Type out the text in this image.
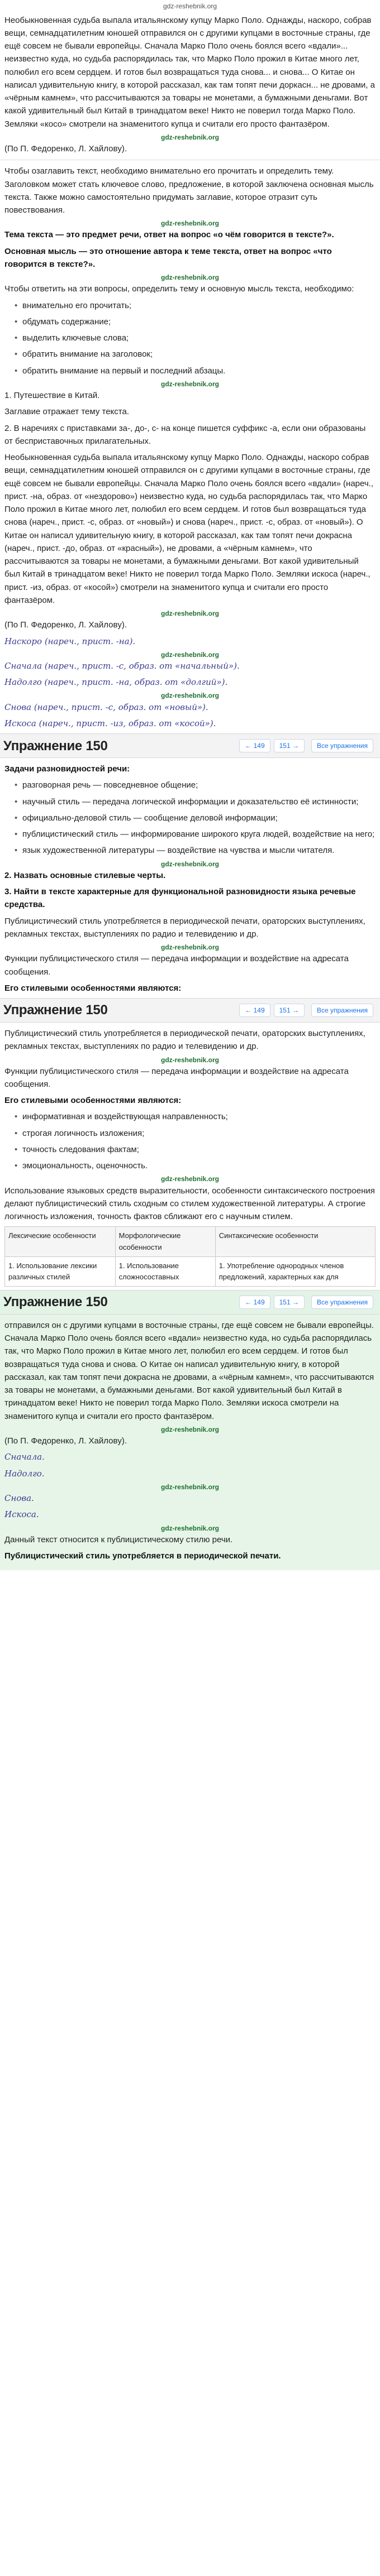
gdz-reshebnik.org

Необыкновенная судьба выпала итальянскому купцу Марко Поло. Однажды, наскоро, собрав вещи, семнадцатилетним юношей отправился он с другими купцами в восточные страны, где ещё совсем не бывали европейцы. Сначала Марко Поло очень боялся всего «вдали»... неизвестно куда, но судьба распорядилась так, что Марко Поло прожил в Китае много лет, полюбил его всем сердцем. И готов был возвращаться туда снова... и снова... О Китае он написал удивительную книгу, в которой рассказал, как там топят печи доркасн... не дровами, а «чёрным камнем», что рассчитываются за товары не монетами, а бумажными деньгами. Вот какой удивительный был Китай в тринадцатом веке! Никто не поверил тогда Марко Поло. Земляки «косо» смотрели на знаменитого купца и считали его просто фантазёром.

gdz-reshebnik.org

(По П. Федоренко, Л. Хайловy).

Чтобы озаглавить текст, необходимо внимательно его прочитать и определить тему. Заголовком может стать ключевое слово, предложение, в которой заключена основная мысль текста. Также можно самостоятельно придумать заглавие, которое отразит суть повествования.

gdz-reshebnik.org

Тема текста — это предмет речи, ответ на вопрос «о чём говорится в тексте?».

Основная мысль — это отношение автора к теме текста, ответ на вопрос «что говорится в тексте?».

gdz-reshebnik.org

Чтобы ответить на эти вопросы, определить тему и основную мысль текста, необходимо:

• внимательно его прочитать;
• обдумать содержание;
• выделить ключевые слова;
• обратить внимание на заголовок;
• обратить внимание на первый и последний абзацы.
gdz-reshebnik.org

1. Путешествие в Китай.

Заглавие отражает тему текста.

2. В наречиях с приставками за-, до-, с- на конце пишется суффикс -а, если они образованы от бесприставочных прилагательных.

Необыкновенная судьба выпала итальянскому купцу Марко Поло. Однажды, наскоро собрав вещи, семнадцатилетним юношей отправился он с другими купцами в восточные страны, где ещё совсем не бывали европейцы. Сначала Марко Поло очень боялся всего «вдали» (нареч., прист. -на, образ. от «нездорово») неизвестно куда, но судьба распорядилась так, что Марко Поло прожил в Китае много лет, полюбил его всем сердцем. И готов был возвращаться туда снова (нареч., прист. -с, образ. от «новый») и снова (нареч., прист. -с, образ. от «новый»). О Китае он написал удивительную книгу, в которой рассказал, как там топят печи докрасна (нареч., прист. -до, образ. от «красный»), не дровами, а «чёрным камнем», что рассчитываются за товары не монетами, а бумажными деньгами. Вот какой удивительный был Китай в тринадцатом веке! Никто не поверил тогда Марко Поло. Земляки искоса (нареч., прист. -из, образ. от «косой») смотрели на знаменитого купца и считали его просто фантазёром.

gdz-reshebnik.org

(По П. Федоренко, Л. Хайловy).

Наскоро (нареч., прист. -на).

gdz-reshebnik.org

Сначала (нареч., прист. -с, образ. от «начальный»).

Надолго (нареч., прист. -на, образ. от «долгий»).

gdz-reshebnik.org

Снова (нареч., прист. -с, образ. от «новый»).

Искоса (нареч., прист. -из, образ. от «косой»).

Упражнение 150	← 149	151 →	Все упражнения

Задачи разновидностей речи:

• разговорная речь — повседневное общение;
• научный стиль — передача логической информации и доказательство её истинности;
• официально-деловой стиль — сообщение деловой информации;
• публицистический стиль — информирование широкого круга людей, воздействие на него;
• язык художественной литературы — воздействие на чувства и мысли читателя.
gdz-reshebnik.org

2. Назвать основные стилевые черты.

3. Найти в тексте характерные для функциональной разновидности языка речевые средства.

Публицистический стиль употребляется в периодической печати, ораторских выступлениях, рекламных текстах, выступлениях по радио и телевидению и др.

gdz-reshebnik.org

Функции публицистического стиля — передача информации и воздействие на адресата сообщения.

Его стилевыми особенностями являются:

Упражнение 150	← 149	151 →	Все упражнения

Публицистический стиль употребляется в периодической печати, ораторских выступлениях, рекламных текстах, выступлениях по радио и телевидению и др.

gdz-reshebnik.org

Функции публицистического стиля — передача информации и воздействие на адресата сообщения.

Его стилевыми особенностями являются:

• информативная и воздействующая направленность;
• строгая логичность изложения;
• точность следования фактам;
• эмоциональность, оценочность.
gdz-reshebnik.org

Использование языковых средств выразительности, особенности синтаксического построения делают публицистический стиль сходным со стилем художественной литературы. А строгие логичность изложения, точность фактов сближают его с научным стилем.

Лексические особенности	Морфологические особенности	Синтаксические особенности
1. Использование лексики различных стилей	1. Использование сложносоставных	1. Употребление однородных членов предложений, характерных как для
Упражнение 150	← 149	151 →	Все упражнения

отправился он с другими купцами в восточные страны, где ещё совсем не бывали европейцы. Сначала Марко Поло очень боялся всего «вдали» неизвестно куда, но судьба распорядилась так, что Марко Поло прожил в Китае много лет, полюбил его всем сердцем. И готов был возвращаться туда снова и снова. О Китае он написал удивительную книгу, в которой рассказал, как там топят печи докрасна не дровами, а «чёрным камнем», что рассчитываются за товары не монетами, а бумажными деньгами. Вот какой удивительный был Китай в тринадцатом веке! Никто не поверил тогда Марко Поло. Земляки искоса смотрели на знаменитого купца и считали его просто фантазёром.

gdz-reshebnik.org

(По П. Федоренко, Л. Хайловy).

Сначала.

Надолго.

gdz-reshebnik.org

Снова.

Искоса.

gdz-reshebnik.org

Данный текст относится к публицистическому стилю речи.

Публицистический стиль употребляется в периодической печати.
